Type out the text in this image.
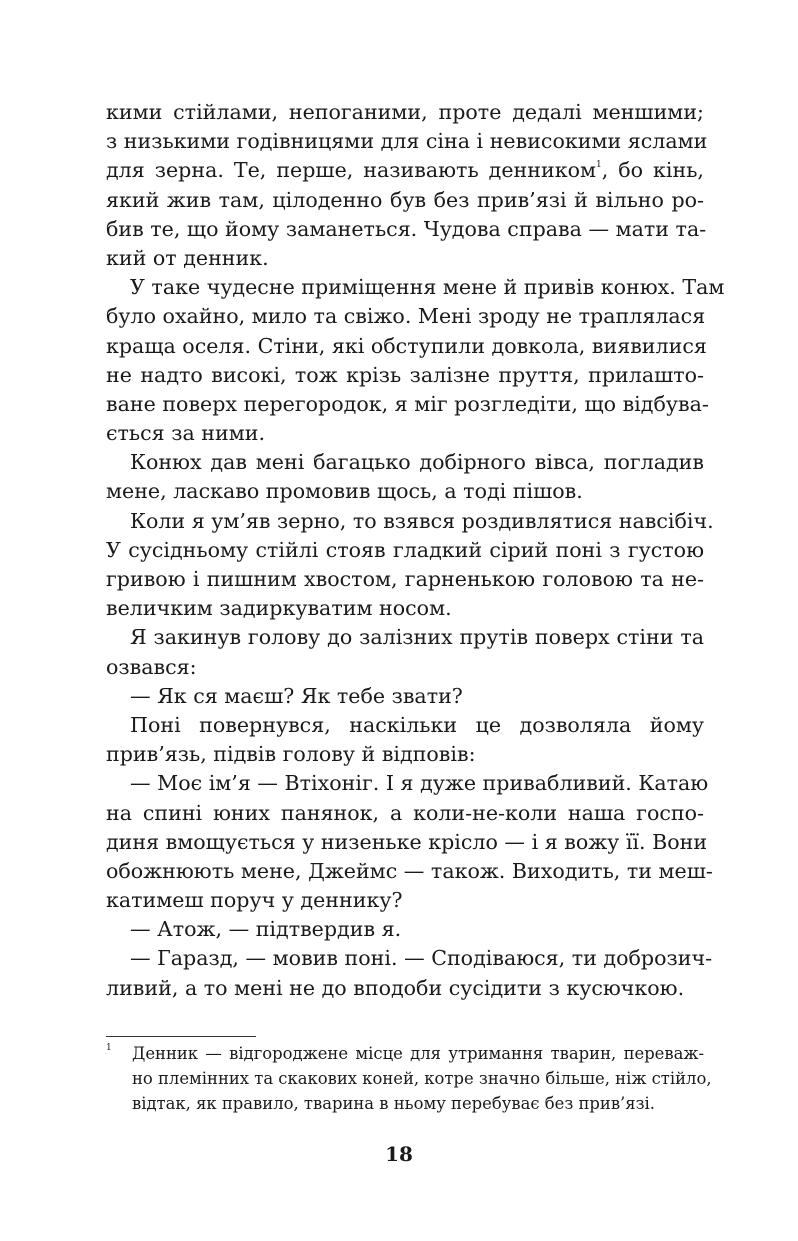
кими стійлами, непоганими, проте дедалі меншими;
з низькими годівницями для сіна і невисокими яслами
для зерна. Те, перше, називають денником$^1$, бо кінь,
який жив там, цілоденно був без прив’язі й вільно ро-
бив те, що йому заманеться. Чудова справа — мати та-
кий от денник.
У таке чудесне приміщення мене й привів конюх. Там
було охайно, мило та свіжо. Мені зроду не траплялася
краща оселя. Стіни, які обступили довкола, виявилися
не надто високі, тож крізь залізне пруття, прилашто-
ване поверх перегородок, я міг розгледіти, що відбува-
ється за ними.
Конюх дав мені багацько добірного вівса, погладив
мене, ласкаво промовив щось, а тоді пішов.
Коли я ум’яв зерно, то взявся роздивлятися навсібіч.
У сусідньому стійлі стояв гладкий сірий поні з густою
гривою і пишним хвостом, гарненькою головою та не-
величким задиркуватим носом.
Я закинув голову до залізних прутів поверх стіни та
озвався:
— Як ся маєш? Як тебе звати?
Поні повернувся, наскільки це дозволяла йому
прив’язь, підвів голову й відповів:
— Моє ім’я — Втіхоніг. І я дуже привабливий. Катаю
на спині юних панянок, а коли-не-коли наша госпо-
диня вмощується у низеньке крісло — і я вожу її. Вони
обожнюють мене, Джеймс — також. Виходить, ти меш-
катимеш поруч у деннику?
— Атож, — підтвердив я.
— Гаразд, — мовив поні. — Сподіваюся, ти доброзич-
ливий, а то мені не до вподоби сусідити з кусючкою.
1 Денник — відгороджене місце для утримання тварин, переваж-
но племінних та скакових коней, котре значно більше, ніж стійло,
відтак, як правило, тварина в ньому перебуває без прив’язі.
18
